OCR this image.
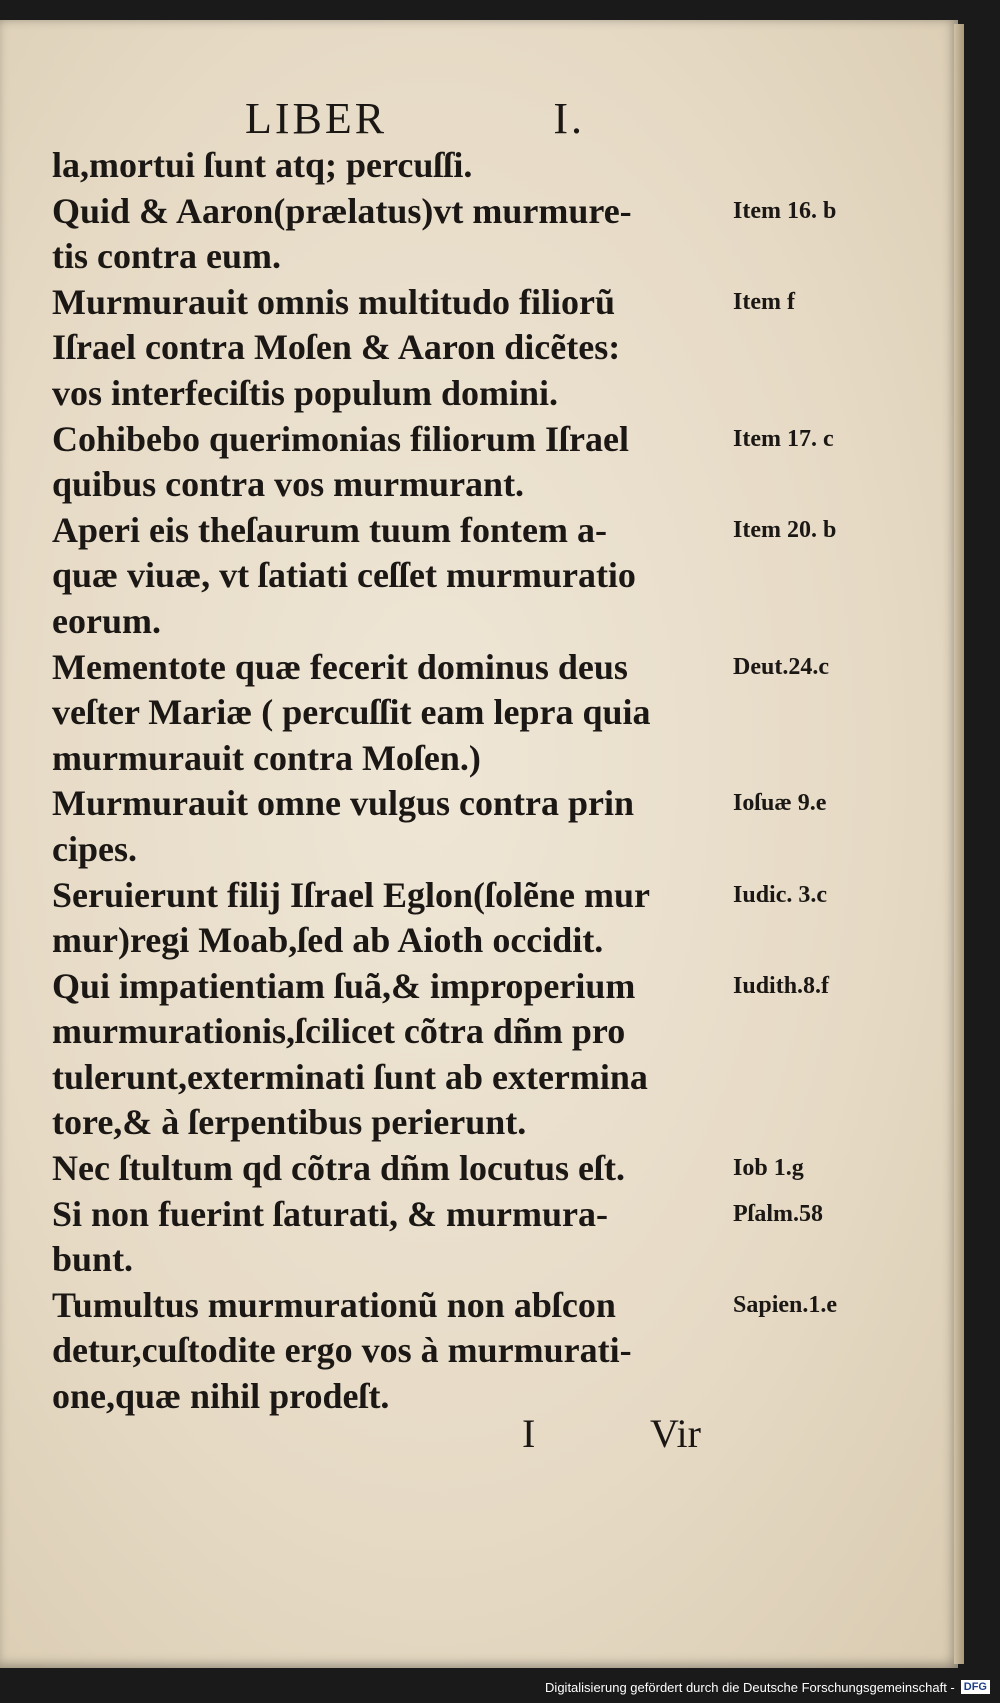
LIBER	I.
la,mortui ſunt atq; percuſſi.
Quid & Aaron(prælatus)vt murmure-
tis contra eum.
Murmurauit omnis multitudo filiorũ
Iſrael contra Moſen & Aaron dicẽtes:
vos interfeciſtis populum domini.
Cohibebo querimonias filiorum Iſrael
quibus contra vos murmurant.
Aperi eis theſaurum tuum fontem a-
quæ viuæ, vt ſatiati ceſſet murmuratio
eorum.
Mementote quæ fecerit dominus deus
veſter Mariæ ( percuſſit eam lepra quia
murmurauit contra Moſen.)
Murmurauit omne vulgus contra prin
cipes.
Seruierunt filij Iſrael Eglon(ſolẽne mur
mur)regi Moab,ſed ab Aioth occidit.
Qui impatientiam ſuã,& improperium
murmurationis,ſcilicet cõtra dñm pro
tulerunt,exterminati ſunt ab extermina
tore,& à ſerpentibus perierunt.
Nec ſtultum qd cõtra dñm locutus eſt.
Si non fuerint ſaturati, & murmura-
bunt.
Tumultus murmurationũ non abſcon
detur,cuſtodite ergo vos à murmurati-
one,quæ nihil prodeſt.
Item 16. b
Item f
Item 17. c
Item 20. b
Deut.24.c
Ioſuæ 9.e
Iudic. 3.c
Iudith.8.f
Iob 1.g
Pſalm.58
Sapien.1.e
I	Vir
Digitalisierung gefördert durch die Deutsche Forschungsgemeinschaft - DFG
